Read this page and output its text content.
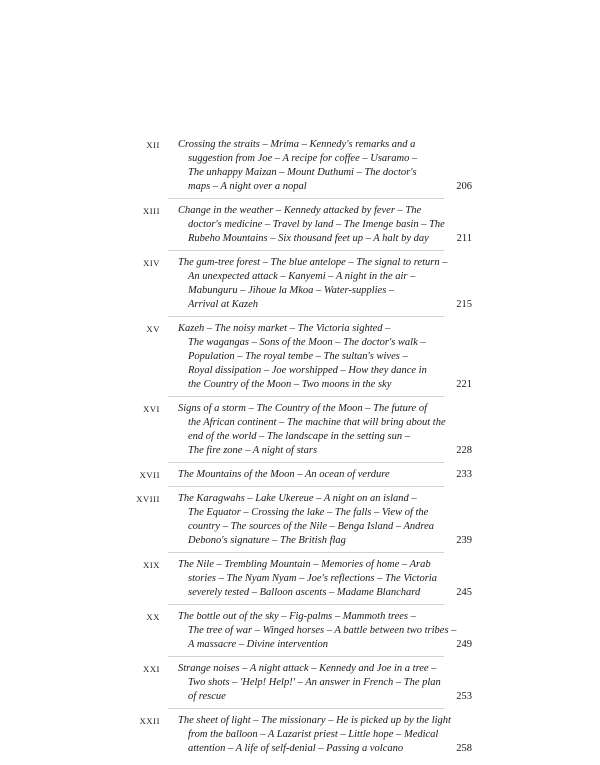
XII Crossing the straits – Mrima – Kennedy's remarks and a
suggestion from Joe – A recipe for coffee – Usaramo –
The unhappy Maizan – Mount Duthumi – The doctor's
maps – A night over a nopal	206
XIII Change in the weather – Kennedy attacked by fever – The
doctor's medicine – Travel by land – The Imenge basin – The
Rubeho Mountains – Six thousand feet up – A halt by day	211
XIV The gum-tree forest – The blue antelope – The signal to return –
An unexpected attack – Kanyemi – A night in the air –
Mabunguru – Jihoue la Mkoa – Water-supplies –
Arrival at Kazeh	215
XV Kazeh – The noisy market – The Victoria sighted –
The wagangas – Sons of the Moon – The doctor's walk –
Population – The royal tembe – The sultan's wives –
Royal dissipation – Joe worshipped – How they dance in
the Country of the Moon – Two moons in the sky	221
XVI Signs of a storm – The Country of the Moon – The future of
the African continent – The machine that will bring about the
end of the world – The landscape in the setting sun –
The fire zone – A night of stars	228
XVII The Mountains of the Moon – An ocean of verdure	233
XVIII The Karagwahs – Lake Ukereue – A night on an island –
The Equator – Crossing the lake – The falls – View of the
country – The sources of the Nile – Benga Island – Andrea
Debono's signature – The British flag	239
XIX The Nile – Trembling Mountain – Memories of home – Arab
stories – The Nyam Nyam – Joe's reflections – The Victoria
severely tested – Balloon ascents – Madame Blanchard	245
XX The bottle out of the sky – Fig-palms – Mammoth trees –
The tree of war – Winged horses – A battle between two tribes –
A massacre – Divine intervention	249
XXI Strange noises – A night attack – Kennedy and Joe in a tree –
Two shots – 'Help! Help!' – An answer in French – The plan
of rescue	253
XXII The sheet of light – The missionary – He is picked up by the light
from the balloon – A Lazarist priest – Little hope – Medical
attention – A life of self-denial – Passing a volcano	258
